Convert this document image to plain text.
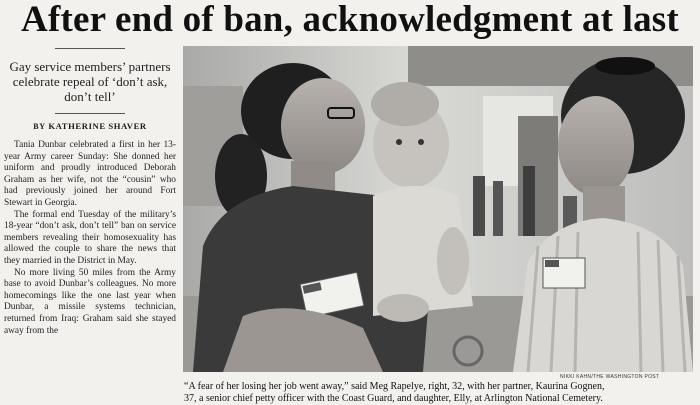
After end of ban, acknowledgment at last
Gay service members’ partners celebrate repeal of ‘don’t ask, don’t tell’
BY KATHERINE SHAVER

Tania Dunbar celebrated a first in her 13-year Army career Sunday: She donned her uniform and proudly introduced Deborah Graham as her wife, not the “cousin” who had previously joined her around Fort Stewart in Georgia.

The formal end Tuesday of the military’s 18-year “don’t ask, don’t tell” ban on service members revealing their homosexuality has allowed the couple to share the news that they married in the District in May.

No more living 50 miles from the Army base to avoid Dunbar’s colleagues. No more homecomings like the one last year when Dunbar, a missile systems technician, returned from Iraq: Graham said she stayed away from the

NIKKI KAHN/THE WASHINGTON POST
“A fear of her losing her job went away,” said Meg Rapelye, right, 32, with her partner, Kaurina Gognen,
37, a senior chief petty officer with the Coast Guard, and daughter, Elly, at Arlington National Cemetery.
